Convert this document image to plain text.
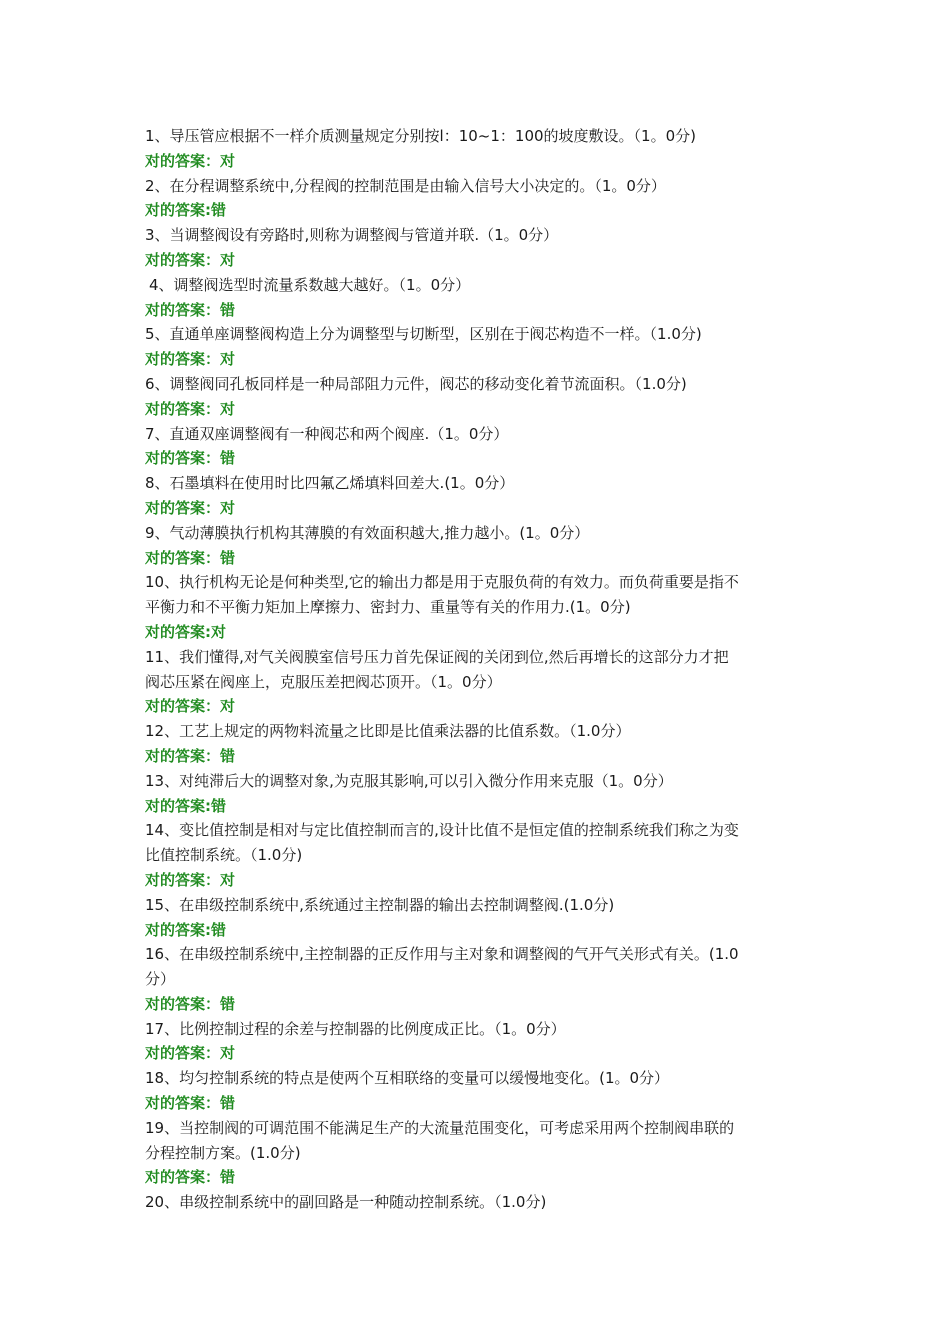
1、导压管应根据不一样介质测量规定分别按l：10~1：100的坡度敷设。（1。0分)
对的答案：对
2、在分程调整系统中,分程阀的控制范围是由输入信号大小决定的。（1。0分）
对的答案:错
3、当调整阀设有旁路时,则称为调整阀与管道并联.（1。0分）
对的答案：对
4、调整阀选型时流量系数越大越好。（1。0分）
对的答案：错
5、直通单座调整阀构造上分为调整型与切断型，区别在于阀芯构造不一样。（1.0分)
对的答案：对
6、调整阀同孔板同样是一种局部阻力元件，阀芯的移动变化着节流面积。（1.0分)
对的答案：对
7、直通双座调整阀有一种阀芯和两个阀座.（1。0分）
对的答案：错
8、石墨填料在使用时比四氟乙烯填料回差大.(1。0分）
对的答案：对
9、气动薄膜执行机构其薄膜的有效面积越大,推力越小。(1。0分）
对的答案：错
10、执行机构无论是何种类型,它的输出力都是用于克服负荷的有效力。而负荷重要是指不
平衡力和不平衡力矩加上摩擦力、密封力、重量等有关的作用力.(1。0分)
对的答案:对
11、我们懂得,对气关阀膜室信号压力首先保证阀的关闭到位,然后再增长的这部分力才把
阀芯压紧在阀座上，克服压差把阀芯顶开。（1。0分）
对的答案：对
12、工艺上规定的两物料流量之比即是比值乘法器的比值系数。（1.0分）
对的答案：错
13、对纯滞后大的调整对象,为克服其影响,可以引入微分作用来克服（1。0分）
对的答案:错
14、变比值控制是相对与定比值控制而言的,设计比值不是恒定值的控制系统我们称之为变
比值控制系统。（1.0分)
对的答案：对
15、在串级控制系统中,系统通过主控制器的输出去控制调整阀.(1.0分)
对的答案:错
16、在串级控制系统中,主控制器的正反作用与主对象和调整阀的气开气关形式有关。(1.0
分）
对的答案：错
17、比例控制过程的余差与控制器的比例度成正比。（1。0分）
对的答案：对
18、均匀控制系统的特点是使两个互相联络的变量可以缓慢地变化。(1。0分）
对的答案：错
19、当控制阀的可调范围不能满足生产的大流量范围变化，可考虑采用两个控制阀串联的
分程控制方案。(1.0分)
对的答案：错
20、串级控制系统中的副回路是一种随动控制系统。（1.0分)
